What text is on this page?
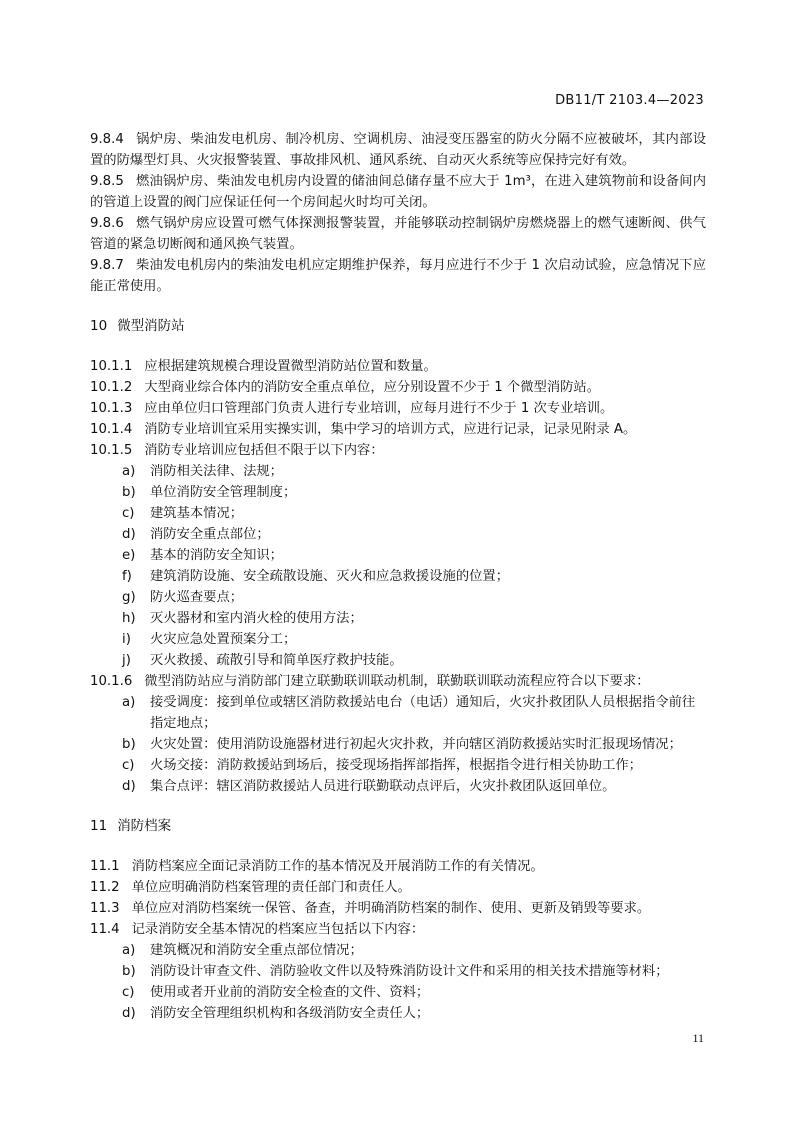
DB11/T 2103.4—2023
9.8.4 锅炉房、柴油发电机房、制冷机房、空调机房、油浸变压器室的防火分隔不应被破坏，其内部设置的防爆型灯具、火灾报警装置、事故排风机、通风系统、自动灭火系统等应保持完好有效。
9.8.5 燃油锅炉房、柴油发电机房内设置的储油间总储存量不应大于 1m³，在进入建筑物前和设备间内的管道上设置的阀门应保证任何一个房间起火时均可关闭。
9.8.6 燃气锅炉房应设置可燃气体探测报警装置，并能够联动控制锅炉房燃烧器上的燃气速断阀、供气管道的紧急切断阀和通风换气装置。
9.8.7 柴油发电机房内的柴油发电机应定期维护保养，每月应进行不少于 1 次启动试验，应急情况下应能正常使用。
10 微型消防站
10.1.1 应根据建筑规模合理设置微型消防站位置和数量。
10.1.2 大型商业综合体内的消防安全重点单位，应分别设置不少于 1 个微型消防站。
10.1.3 应由单位归口管理部门负责人进行专业培训，应每月进行不少于 1 次专业培训。
10.1.4 消防专业培训宜采用实操实训，集中学习的培训方式，应进行记录，记录见附录 A。
10.1.5 消防专业培训应包括但不限于以下内容：
a) 消防相关法律、法规；
b) 单位消防安全管理制度；
c) 建筑基本情况；
d) 消防安全重点部位；
e) 基本的消防安全知识；
f) 建筑消防设施、安全疏散设施、灭火和应急救援设施的位置；
g) 防火巡查要点；
h) 灭火器材和室内消火栓的使用方法；
i) 火灾应急处置预案分工；
j) 灭火救援、疏散引导和简单医疗救护技能。
10.1.6 微型消防站应与消防部门建立联勤联训联动机制，联勤联训联动流程应符合以下要求：
a) 接受调度：接到单位或辖区消防救援站电台（电话）通知后，火灾扑救团队人员根据指令前往指定地点；
b) 火灾处置：使用消防设施器材进行初起火灾扑救，并向辖区消防救援站实时汇报现场情况；
c) 火场交接：消防救援站到场后，接受现场指挥部指挥，根据指令进行相关协助工作；
d) 集合点评：辖区消防救援站人员进行联勤联动点评后，火灾扑救团队返回单位。
11 消防档案
11.1 消防档案应全面记录消防工作的基本情况及开展消防工作的有关情况。
11.2 单位应明确消防档案管理的责任部门和责任人。
11.3 单位应对消防档案统一保管、备查，并明确消防档案的制作、使用、更新及销毁等要求。
11.4 记录消防安全基本情况的档案应当包括以下内容：
a) 建筑概况和消防安全重点部位情况；
b) 消防设计审查文件、消防验收文件以及特殊消防设计文件和采用的相关技术措施等材料；
c) 使用或者开业前的消防安全检查的文件、资料；
d) 消防安全管理组织机构和各级消防安全责任人；
11
